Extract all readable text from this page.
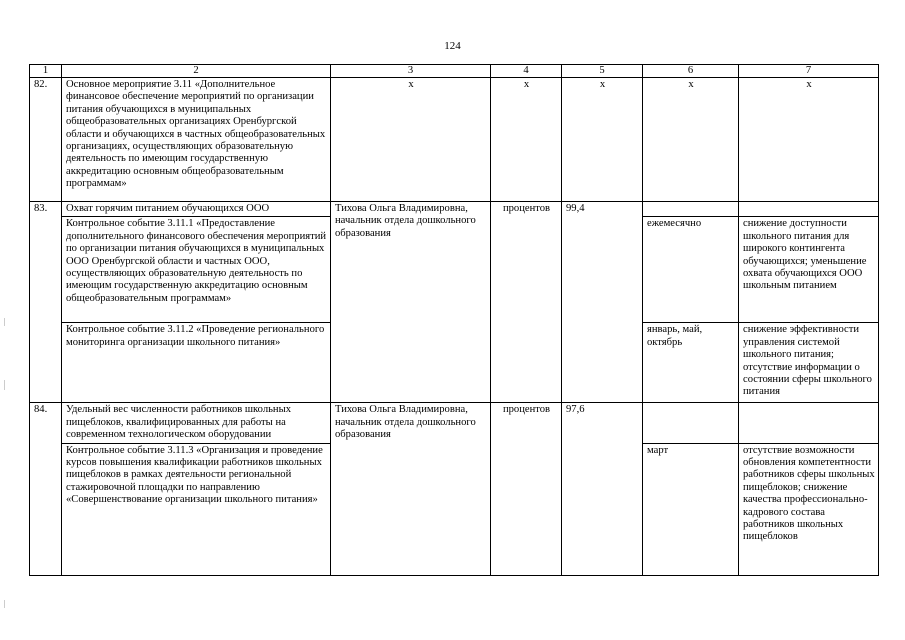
124
1	2	3	4	5	6	7
82.	Основное мероприятие 3.11 «Дополнительное финансовое обеспечение мероприятий по организации питания обучающихся в муниципальных общеобразовательных организациях Оренбургской области и обучающихся в частных общеобразовательных организациях, осуществляющих образовательную деятельность по имеющим государственную аккредитацию основным общеобразовательным программам»	х	х	х	х	х
83.	Охват горячим питанием обучающихся ООО	Тихова Ольга Владимировна, начальник отдела дошкольного образования	процентов	99,4		
	Контрольное событие 3.11.1 «Предоставление дополнительного финансового обеспечения мероприятий по организации питания обучающихся в муниципальных ООО Оренбургской области и частных ООО, осуществляющих образовательную деятельность по имеющим государственную аккредитацию основным общеобразовательным программам»				ежемесячно	снижение доступности школьного питания для широкого контингента обучающихся; уменьшение охвата обучающихся ООО школьным питанием
	Контрольное событие 3.11.2 «Проведение регионального мониторинга организации школьного питания»				январь, май, октябрь	снижение эффективности управления системой школьного питания; отсутствие информации о состоянии сферы школьного питания
84.	Удельный вес численности работников школьных пищеблоков, квалифицированных для работы на современном технологическом оборудовании	Тихова Ольга Владимировна, начальник отдела дошкольного образования	процентов	97,6		
	Контрольное событие 3.11.3 «Организация и проведение курсов повышения квалификации работников школьных пищеблоков в рамках деятельности региональной стажировочной площадки по направлению «Совершенствование организации школьного питания»				март	отсутствие возможности обновления компетентности работников сферы школьных пищеблоков; снижение качества профессионально-кадрового состава работников школьных пищеблоков
